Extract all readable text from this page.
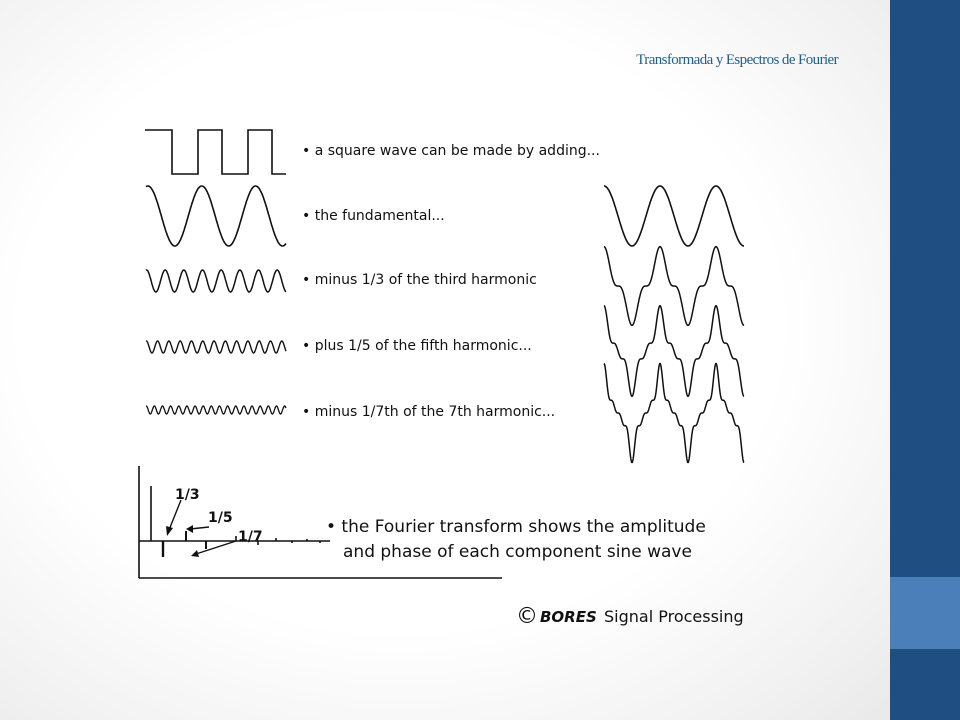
Transformada y Espectros de Fourier
• a square wave can be made by adding...
• the fundamental...
• minus 1/3 of the third harmonic
• plus 1/5 of the fifth harmonic...
• minus 1/7th of the 7th harmonic...
1/3
1/5
1/7	• the Fourier transform shows the amplitude
and phase of each component sine wave
© BORES Signal Processing
